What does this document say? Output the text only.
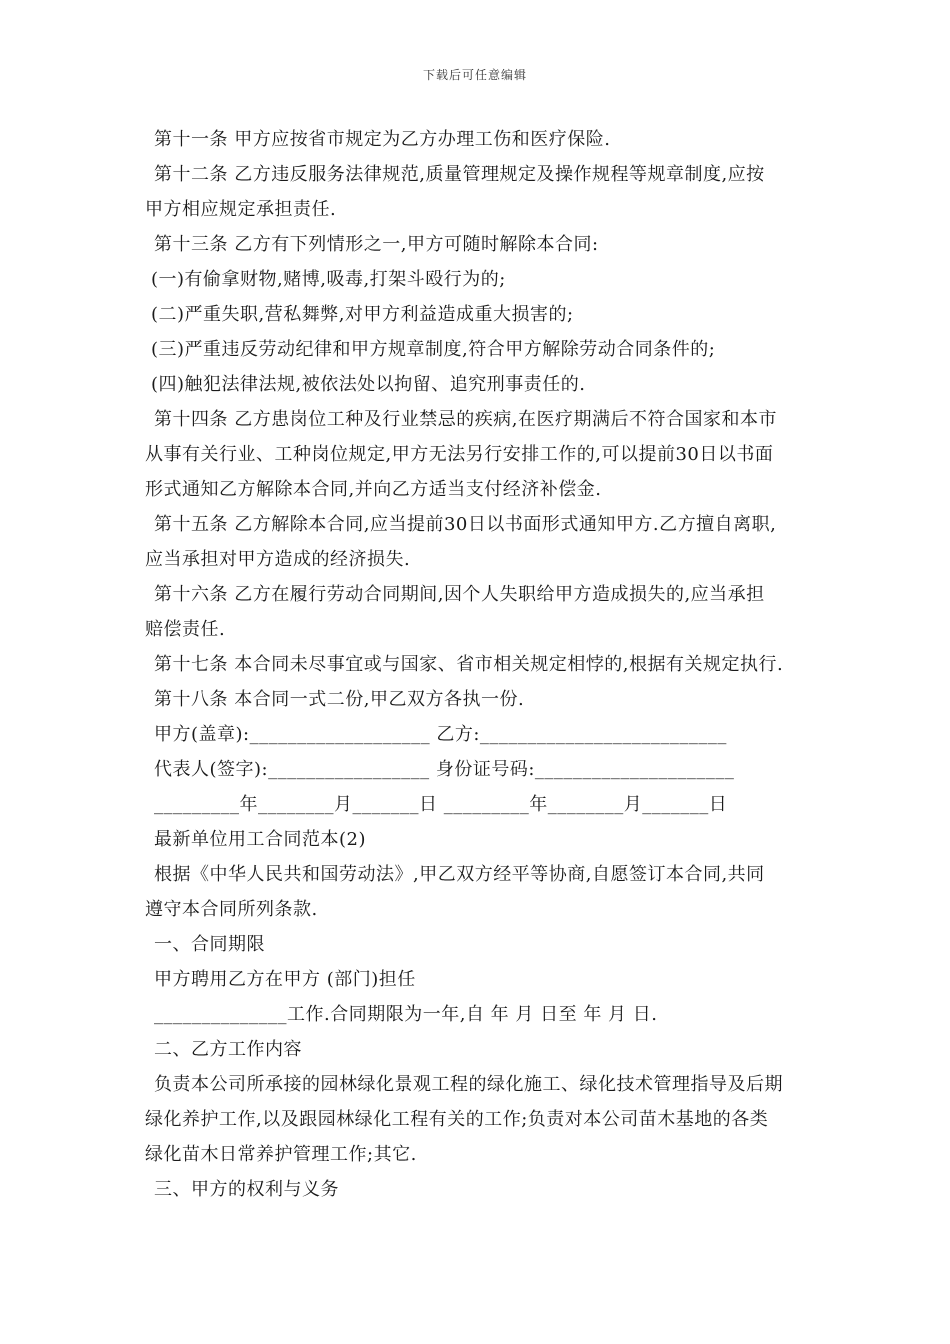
下载后可任意编辑
第十一条 甲方应按省市规定为乙方办理工伤和医疗保险.
第十二条 乙方违反服务法律规范,质量管理规定及操作规程等规章制度,应按
甲方相应规定承担责任.
第十三条 乙方有下列情形之一,甲方可随时解除本合同:
(一)有偷拿财物,赌博,吸毒,打架斗殴行为的;
(二)严重失职,营私舞弊,对甲方利益造成重大损害的;
(三)严重违反劳动纪律和甲方规章制度,符合甲方解除劳动合同条件的;
(四)触犯法律法规,被依法处以拘留、追究刑事责任的.
第十四条 乙方患岗位工种及行业禁忌的疾病,在医疗期满后不符合国家和本市
从事有关行业、工种岗位规定,甲方无法另行安排工作的,可以提前30日以书面
形式通知乙方解除本合同,并向乙方适当支付经济补偿金.
第十五条 乙方解除本合同,应当提前30日以书面形式通知甲方.乙方擅自离职,
应当承担对甲方造成的经济损失.
第十六条 乙方在履行劳动合同期间,因个人失职给甲方造成损失的,应当承担
赔偿责任.
第十七条 本合同未尽事宜或与国家、省市相关规定相悖的,根据有关规定执行.
第十八条 本合同一式二份,甲乙双方各执一份.
甲方(盖章):___________________ 乙方:__________________________
代表人(签字):_________________ 身份证号码:_____________________
_________年________月_______日 _________年________月_______日
最新单位用工合同范本(2)
根据《中华人民共和国劳动法》,甲乙双方经平等协商,自愿签订本合同,共同
遵守本合同所列条款.
一、合同期限
甲方聘用乙方在甲方 (部门)担任
______________工作.合同期限为一年,自 年 月 日至 年 月 日.
二、乙方工作内容
负责本公司所承接的园林绿化景观工程的绿化施工、绿化技术管理指导及后期
绿化养护工作,以及跟园林绿化工程有关的工作;负责对本公司苗木基地的各类
绿化苗木日常养护管理工作;其它.
三、甲方的权利与义务
